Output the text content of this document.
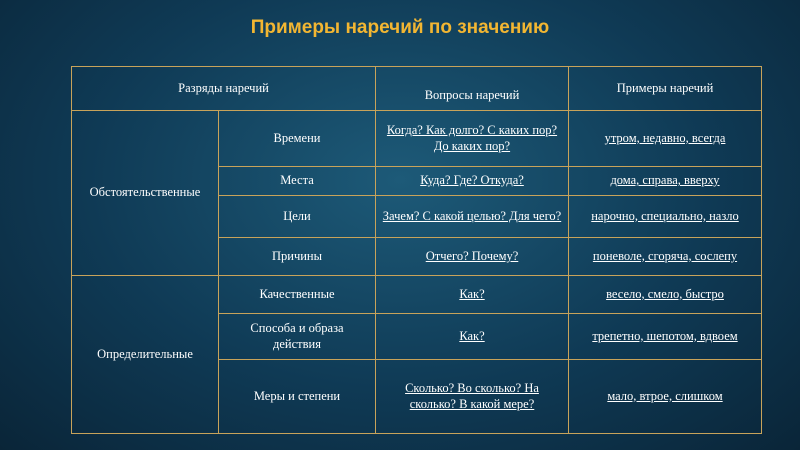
Примеры наречий по значению
Разряды наречий		Вопросы наречий	Примеры наречий
Обстоятельственные	Времени	Когда? Как долго? С каких пор? До каких пор?	утром, недавно, всегда
	Места	Куда? Где? Откуда?	дома, справа, вверху
	Цели	Зачем? С какой целью? Для чего?	нарочно, специально, назло
	Причины	Отчего? Почему?	поневоле, сгоряча, сослепу
Определительные	Качественные	Как?	весело, смело, быстро
	Способа и образа действия	Как?	трепетно, шепотом, вдвоем
	Меры и степени	Сколько? Во сколько? На сколько? В какой мере?	мало, втрое, слишком
